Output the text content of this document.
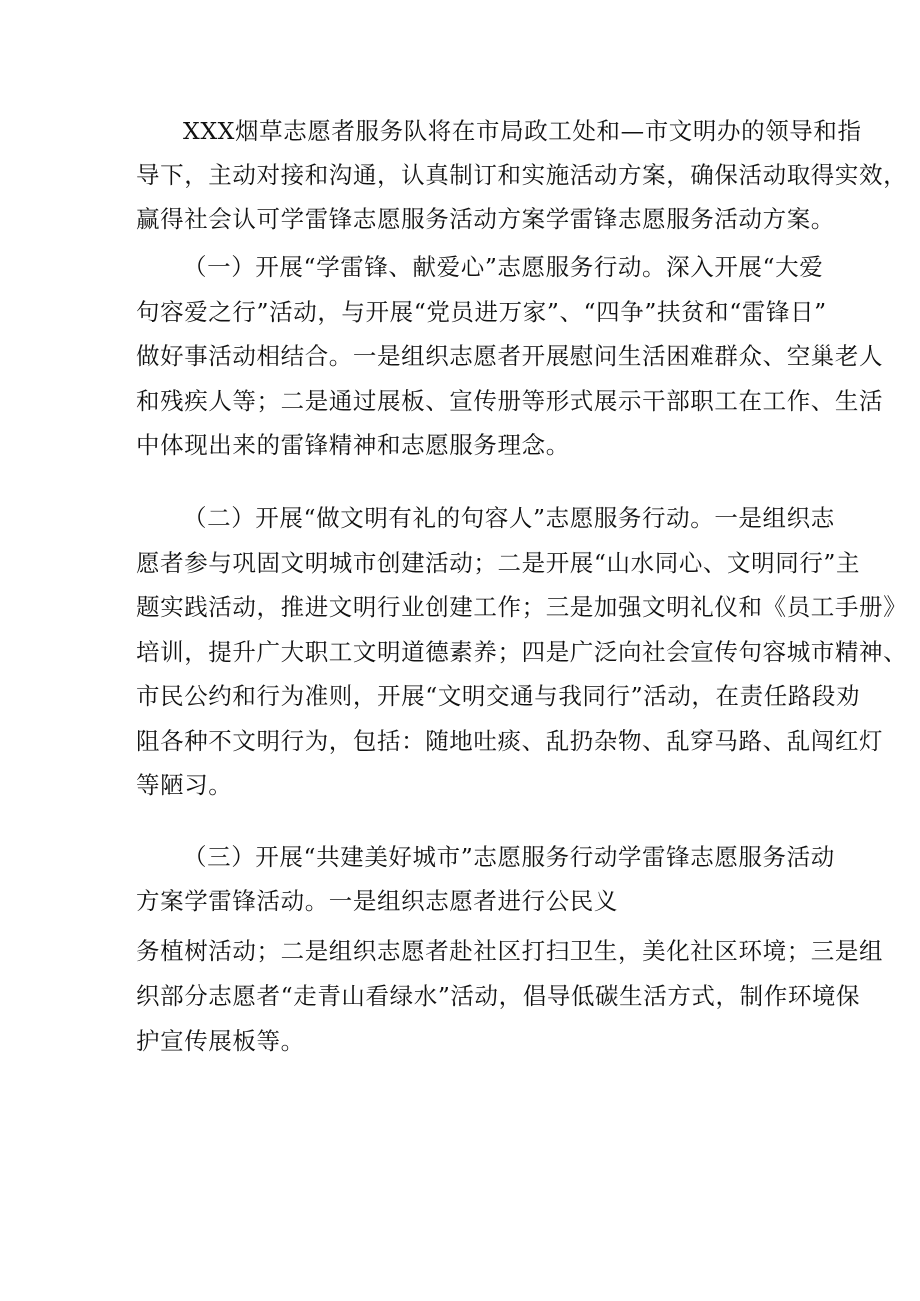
XXX烟草志愿者服务队将在市局政工处和—市文明办的领导和指
导下，主动对接和沟通，认真制订和实施活动方案，确保活动取得实效，
赢得社会认可学雷锋志愿服务活动方案学雷锋志愿服务活动方案。
（一）开展“学雷锋、献爱心”志愿服务行动。深入开展“大爱
句容爱之行”活动，与开展“党员进万家”、“四争”扶贫和“雷锋日”
做好事活动相结合。一是组织志愿者开展慰问生活困难群众、空巢老人
和残疾人等；二是通过展板、宣传册等形式展示干部职工在工作、生活
中体现出来的雷锋精神和志愿服务理念。
（二）开展“做文明有礼的句容人”志愿服务行动。一是组织志
愿者参与巩固文明城市创建活动；二是开展“山水同心、文明同行”主
题实践活动，推进文明行业创建工作；三是加强文明礼仪和《员工手册》
培训，提升广大职工文明道德素养；四是广泛向社会宣传句容城市精神、
市民公约和行为准则，开展“文明交通与我同行”活动，在责任路段劝
阻各种不文明行为，包括：随地吐痰、乱扔杂物、乱穿马路、乱闯红灯
等陋习。
（三）开展“共建美好城市”志愿服务行动学雷锋志愿服务活动
方案学雷锋活动。一是组织志愿者进行公民义
务植树活动；二是组织志愿者赴社区打扫卫生，美化社区环境；三是组
织部分志愿者“走青山看绿水”活动，倡导低碳生活方式，制作环境保
护宣传展板等。
